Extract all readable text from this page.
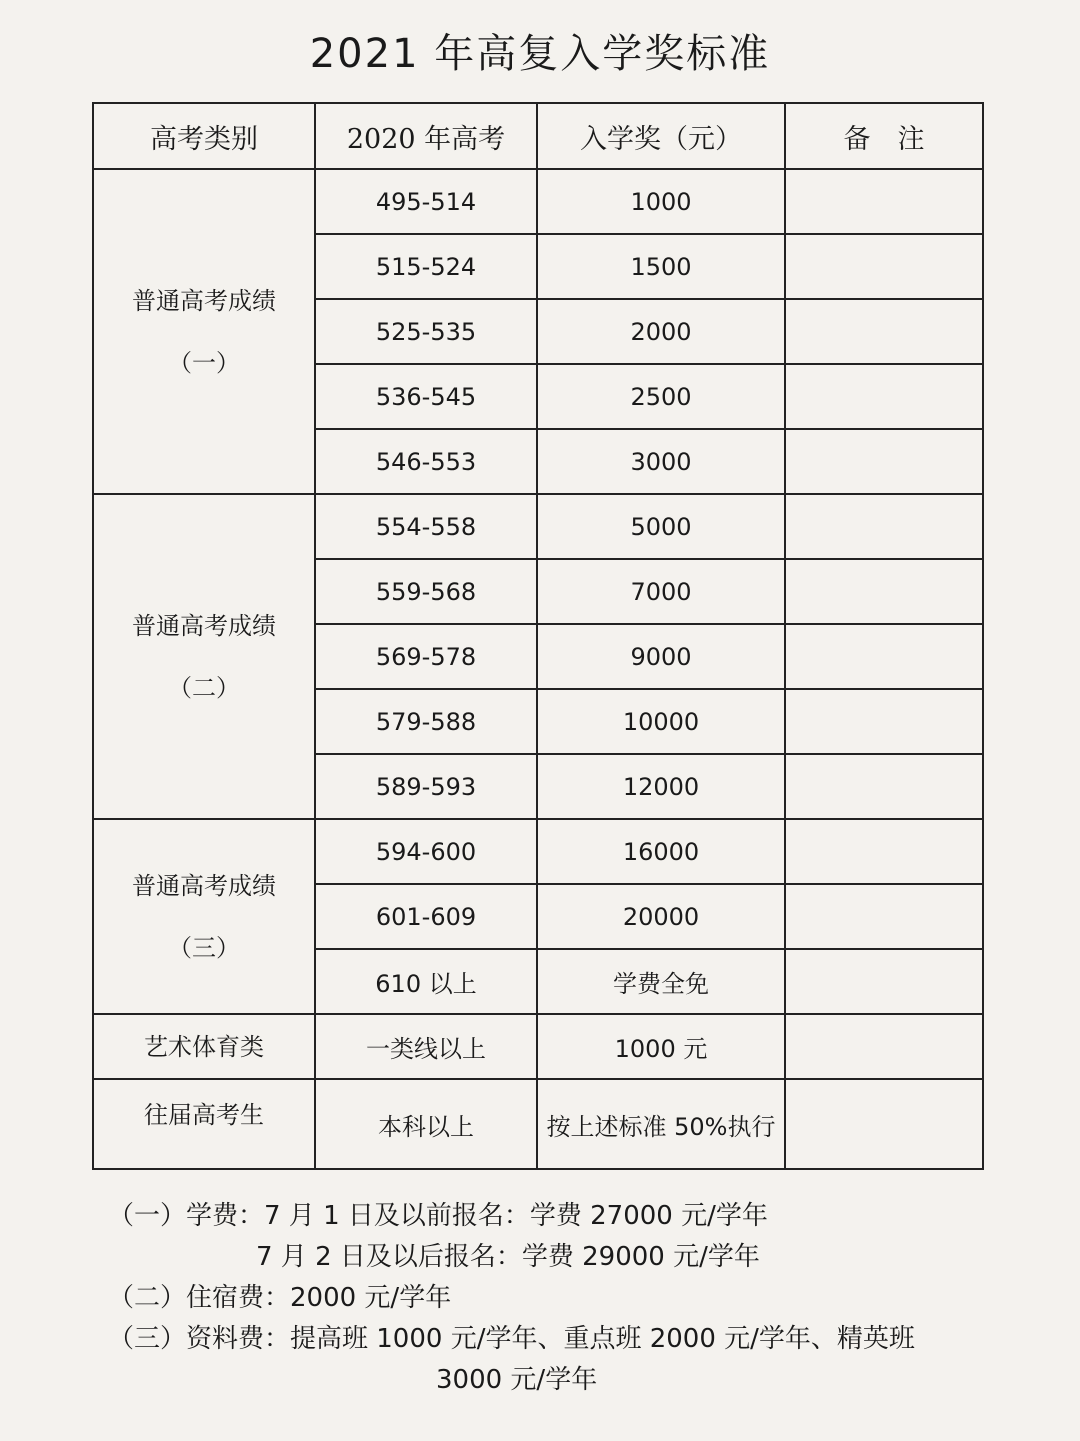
2021 年高复入学奖标准
高考类别	2020 年高考	入学奖（元）	备　注

普通高考成绩
（一）	495-514	1000	
	515-524	1500	
	525-535	2000	
	536-545	2500	
	546-553	3000	

普通高考成绩
（二）	554-558	5000	
	559-568	7000	
	569-578	9000	
	579-588	10000	
	589-593	12000	

普通高考成绩
（三）	594-600	16000	
	601-609	20000	
	610 以上	学费全免	
艺术体育类	一类线以上	1000 元	
往届高考生	本科以上	按上述标准 50%执行	
（一）学费：7 月 1 日及以前报名：学费 27000 元/学年
7 月 2 日及以后报名：学费 29000 元/学年
（二）住宿费：2000 元/学年
（三）资料费：提高班 1000 元/学年、重点班 2000 元/学年、精英班
3000 元/学年
